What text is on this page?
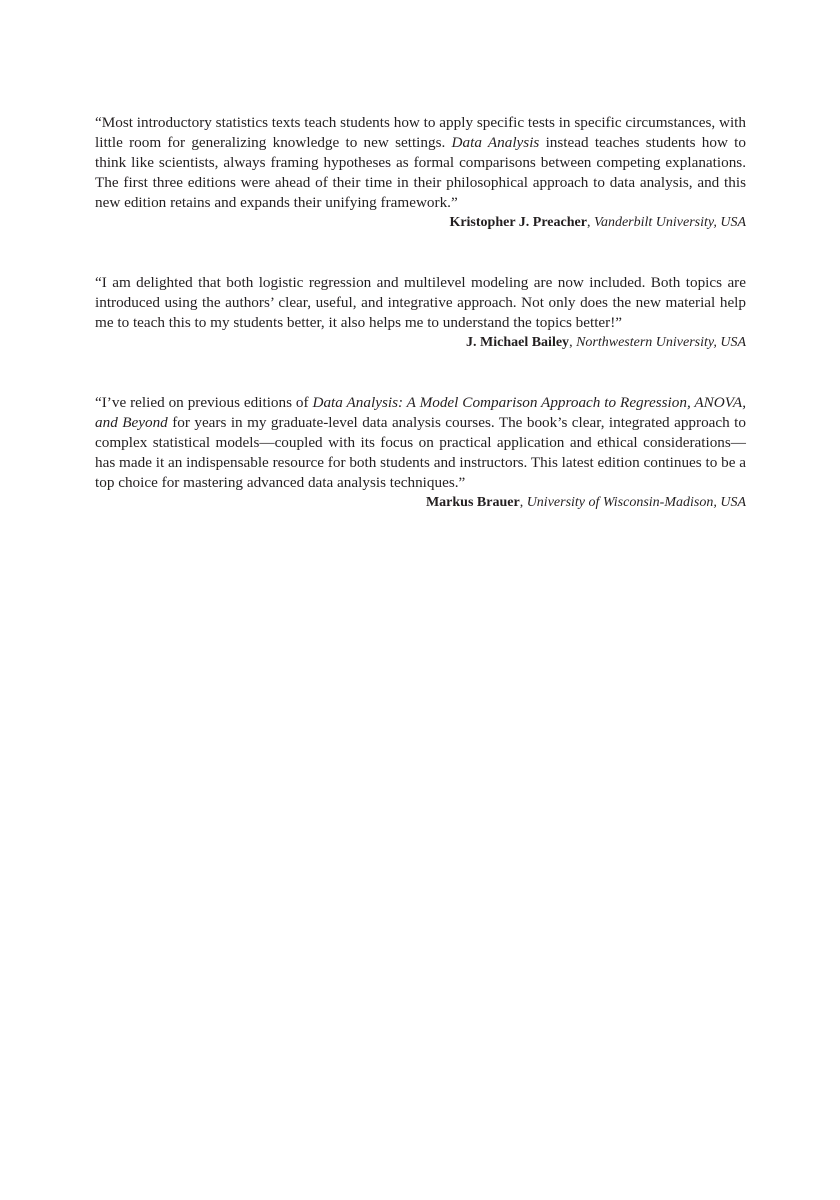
“Most introductory statistics texts teach students how to apply specific tests in specific circumstances, with little room for generalizing knowledge to new settings. Data Analysis instead teaches students how to think like scientists, always framing hypotheses as formal comparisons between competing explanations. The first three editions were ahead of their time in their philosophical approach to data analysis, and this new edition retains and expands their unifying framework.”

Kristopher J. Preacher, Vanderbilt University, USA

“I am delighted that both logistic regression and multilevel modeling are now included. Both topics are introduced using the authors’ clear, useful, and integrative approach. Not only does the new material help me to teach this to my students better, it also helps me to understand the topics better!”

J. Michael Bailey, Northwestern University, USA

“I’ve relied on previous editions of Data Analysis: A Model Comparison Approach to Regression, ANOVA, and Beyond for years in my graduate-level data analysis courses. The book’s clear, integrated approach to complex statistical models—coupled with its focus on practical application and ethical considerations—has made it an indispensable resource for both students and instructors. This latest edition continues to be a top choice for mastering advanced data analysis techniques.”

Markus Brauer, University of Wisconsin-Madison, USA
